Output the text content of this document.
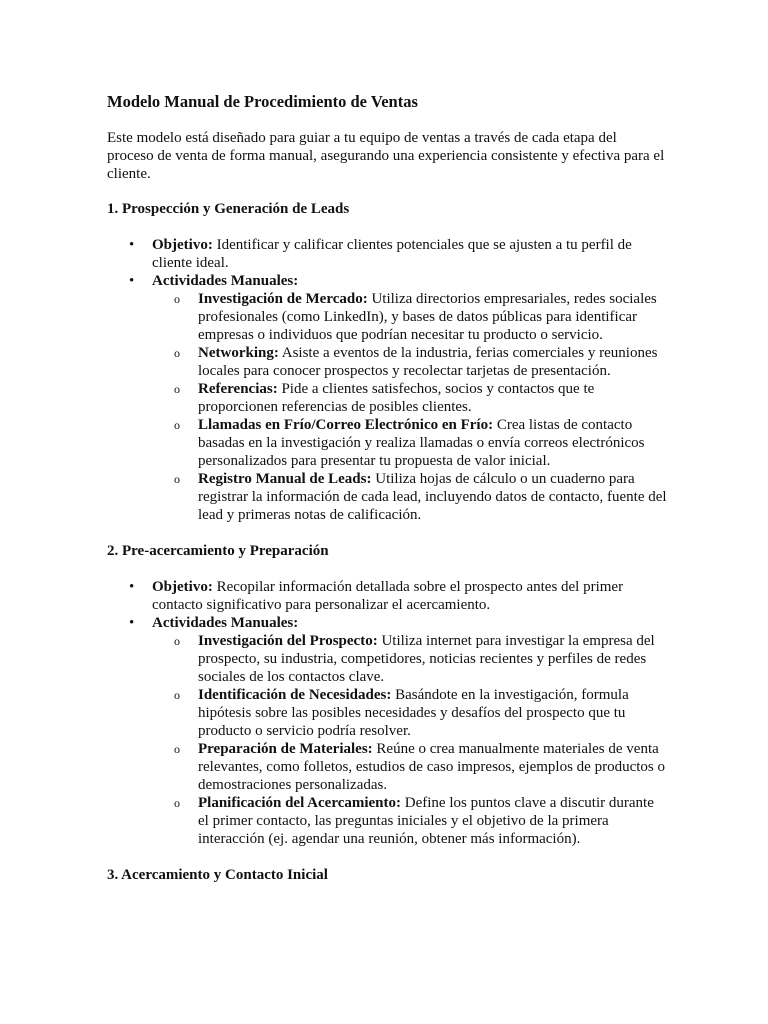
Modelo Manual de Procedimiento de Ventas
Este modelo está diseñado para guiar a tu equipo de ventas a través de cada etapa del proceso de venta de forma manual, asegurando una experiencia consistente y efectiva para el cliente.
1. Prospección y Generación de Leads
• Objetivo: Identificar y calificar clientes potenciales que se ajusten a tu perfil de cliente ideal.
• Actividades Manuales:
o Investigación de Mercado: Utiliza directorios empresariales, redes sociales profesionales (como LinkedIn), y bases de datos públicas para identificar empresas o individuos que podrían necesitar tu producto o servicio.
o Networking: Asiste a eventos de la industria, ferias comerciales y reuniones locales para conocer prospectos y recolectar tarjetas de presentación.
o Referencias: Pide a clientes satisfechos, socios y contactos que te proporcionen referencias de posibles clientes.
o Llamadas en Frío/Correo Electrónico en Frío: Crea listas de contacto basadas en la investigación y realiza llamadas o envía correos electrónicos personalizados para presentar tu propuesta de valor inicial.
o Registro Manual de Leads: Utiliza hojas de cálculo o un cuaderno para registrar la información de cada lead, incluyendo datos de contacto, fuente del lead y primeras notas de calificación.
2. Pre-acercamiento y Preparación
• Objetivo: Recopilar información detallada sobre el prospecto antes del primer contacto significativo para personalizar el acercamiento.
• Actividades Manuales:
o Investigación del Prospecto: Utiliza internet para investigar la empresa del prospecto, su industria, competidores, noticias recientes y perfiles de redes sociales de los contactos clave.
o Identificación de Necesidades: Basándote en la investigación, formula hipótesis sobre las posibles necesidades y desafíos del prospecto que tu producto o servicio podría resolver.
o Preparación de Materiales: Reúne o crea manualmente materiales de venta relevantes, como folletos, estudios de caso impresos, ejemplos de productos o demostraciones personalizadas.
o Planificación del Acercamiento: Define los puntos clave a discutir durante el primer contacto, las preguntas iniciales y el objetivo de la primera interacción (ej. agendar una reunión, obtener más información).
3. Acercamiento y Contacto Inicial
